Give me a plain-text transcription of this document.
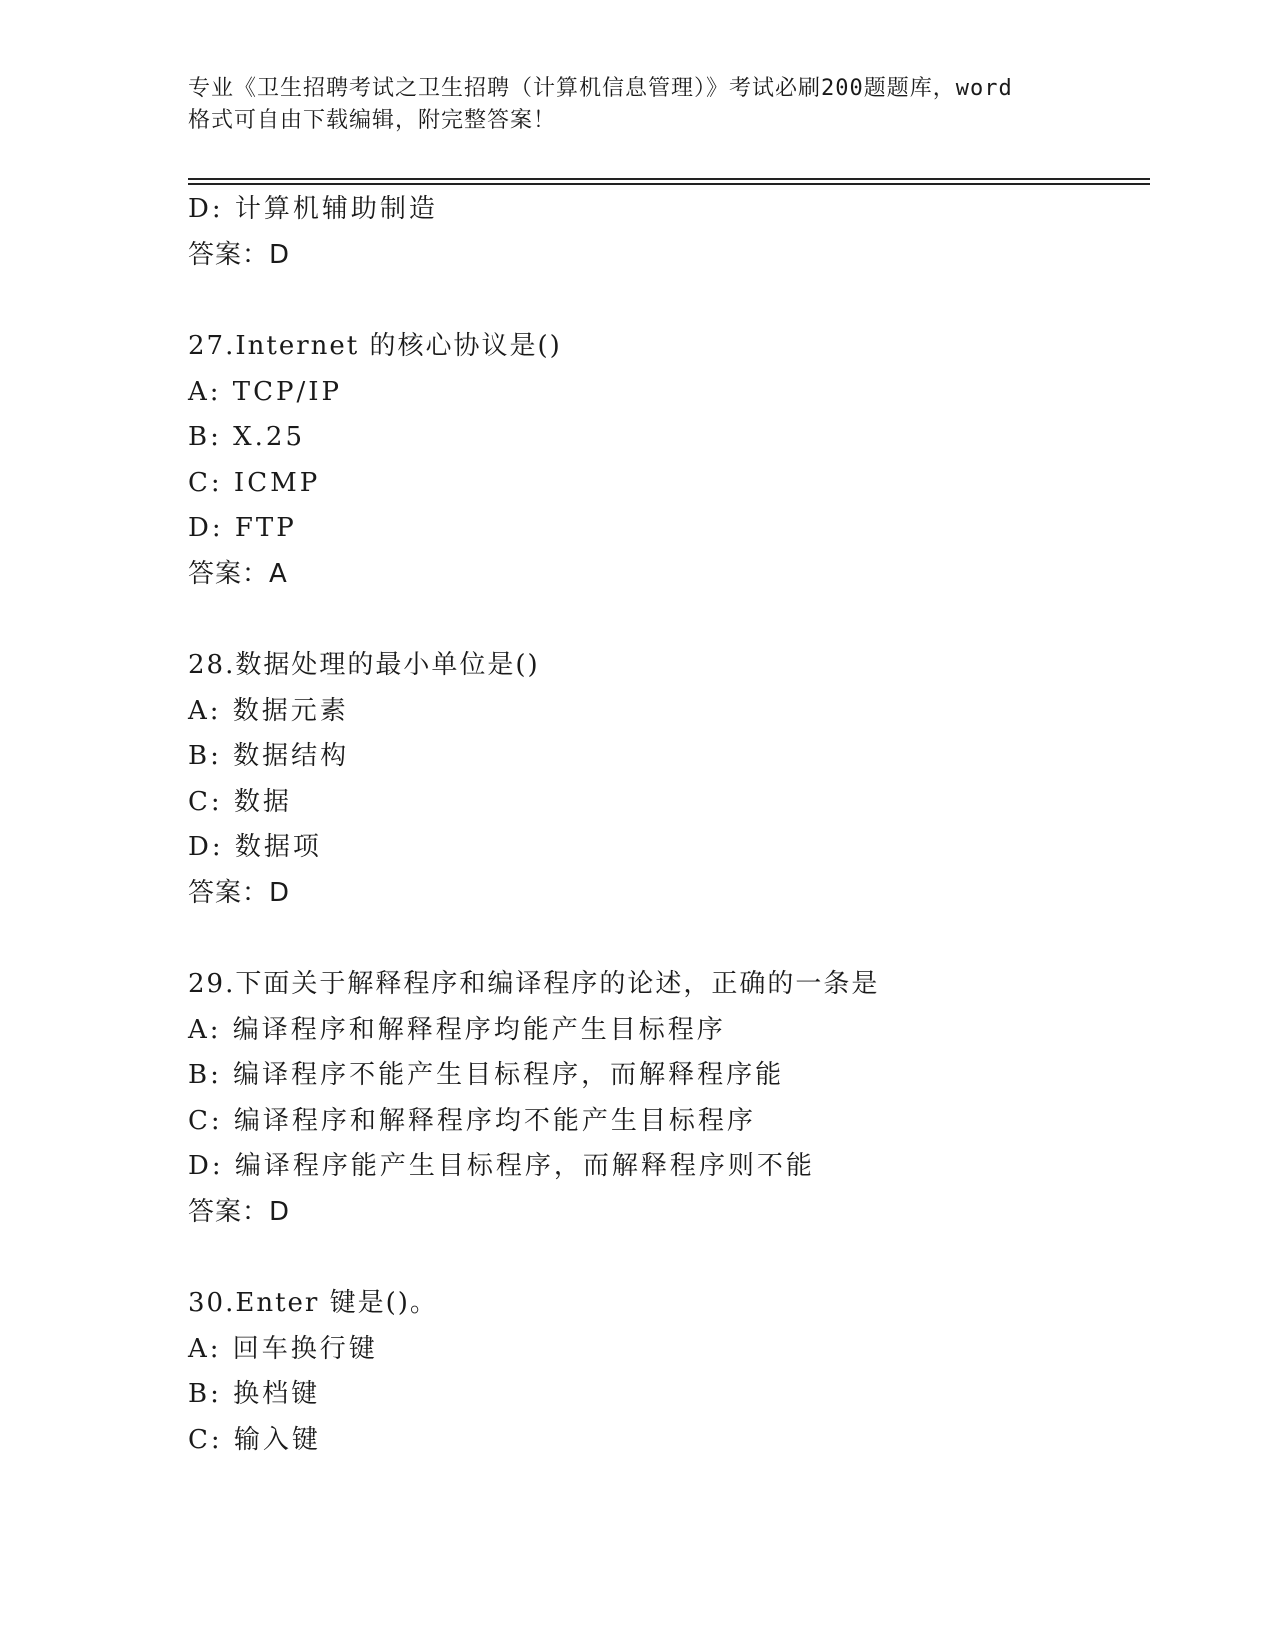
专业《卫生招聘考试之卫生招聘（计算机信息管理）》考试必刷200题题库，word
格式可自由下载编辑，附完整答案！
D: 计算机辅助制造
答案：D
27.Internet 的核心协议是()
A: TCP/IP
B: X.25
C: ICMP
D: FTP
答案：A
28.数据处理的最小单位是()
A: 数据元素
B: 数据结构
C: 数据
D: 数据项
答案：D
29.下面关于解释程序和编译程序的论述，正确的一条是
A: 编译程序和解释程序均能产生目标程序
B: 编译程序不能产生目标程序，而解释程序能
C: 编译程序和解释程序均不能产生目标程序
D: 编译程序能产生目标程序，而解释程序则不能
答案：D
30.Enter 键是()。
A: 回车换行键
B: 换档键
C: 输入键
